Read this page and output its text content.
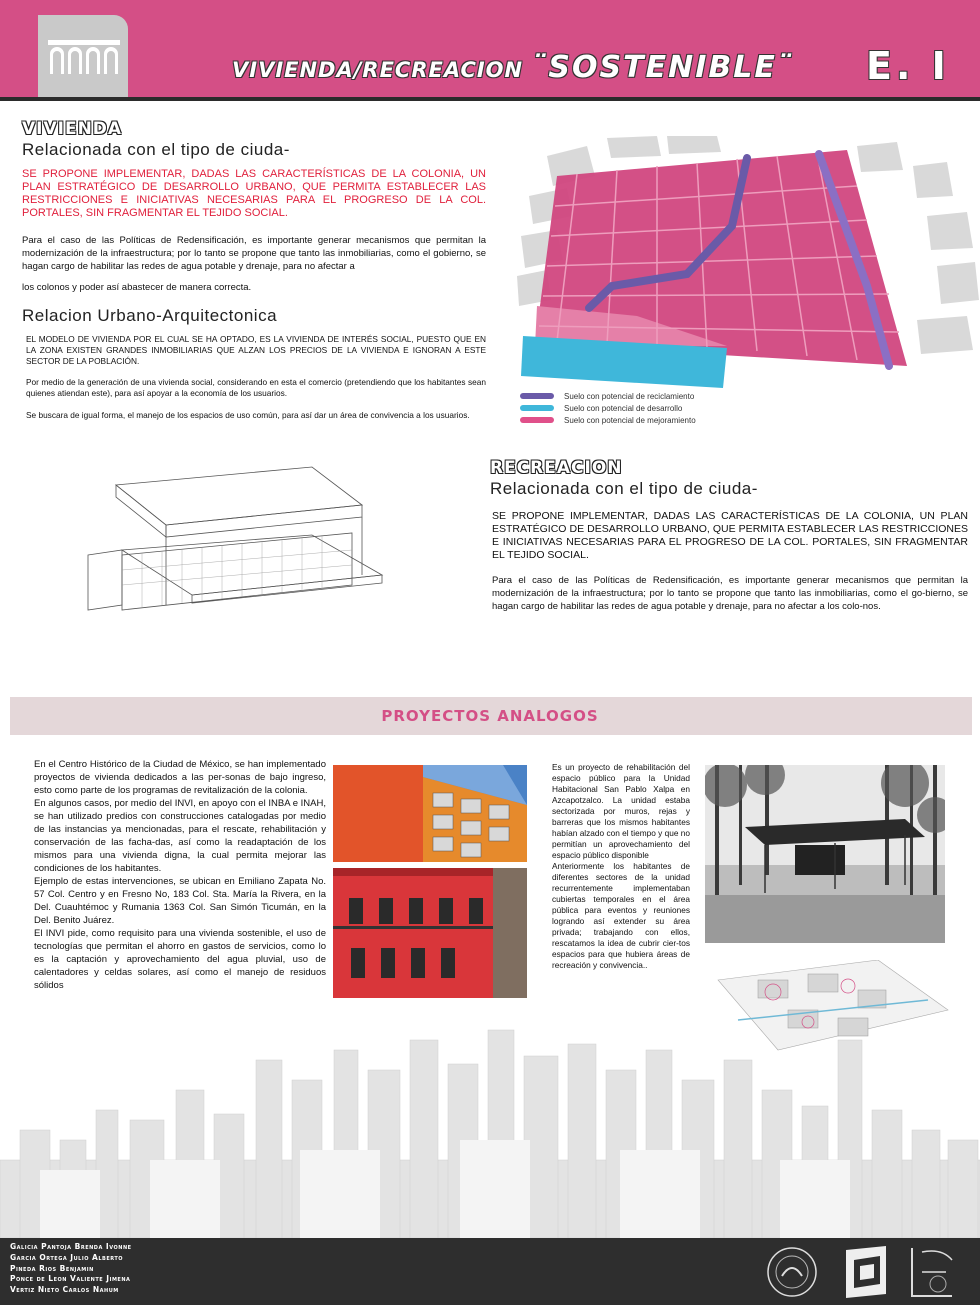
VIVIENDA/RECREACION ¨SOSTENIBLE¨ E. I
VIVIENDA
Relacionada con el tipo de ciuda-
SE PROPONE IMPLEMENTAR, DADAS LAS CARACTERÍSTICAS DE LA COLONIA, UN PLAN ESTRATÉGICO DE DESARROLLO URBANO, QUE PERMITA ESTABLECER LAS RESTRICCIONES E INICIATIVAS NECESARIAS PARA EL PROGRESO DE LA COL. PORTALES, SIN FRAGMENTAR EL TEJIDO SOCIAL.
Para el caso de las Políticas de Redensificación, es importante generar mecanismos que permitan la modernización de la infraestructura; por lo tanto se propone que tanto las inmobiliarias, como el gobierno, se hagan cargo de habilitar las redes de agua potable y drenaje, para no afectar a
los colonos y poder así abastecer de manera correcta.
Relacion Urbano-Arquitectonica
EL MODELO DE VIVIENDA POR EL CUAL SE HA OPTADO, ES LA VIVIENDA DE INTERÉS SOCIAL, PUESTO QUE EN LA ZONA EXISTEN GRANDES INMOBILIARIAS QUE ALZAN LOS PRECIOS DE LA VIVIENDA E IGNORAN A ESTE SECTOR DE LA POBLACIÓN.
Por medio de la generación de una vivienda social, considerando en esta el comercio (pretendiendo que los habitantes sean quienes atiendan este), para así apoyar a la economía de los usuarios.
Se buscara de igual forma, el manejo de los espacios de uso común, para así dar un área de convivencia a los usuarios.
Suelo con potencial de reciclamiento
Suelo con potencial de desarrollo
Suelo con potencial de mejoramiento
RECREACION
Relacionada con el tipo de ciuda-
SE PROPONE IMPLEMENTAR, DADAS LAS CARACTERÍSTICAS DE LA COLONIA, UN PLAN ESTRATÉGICO DE DESARROLLO URBANO, QUE PERMITA ESTABLECER LAS RESTRICCIONES E INICIATIVAS NECESARIAS PARA EL PROGRESO DE LA COL. PORTALES, SIN FRAGMENTAR EL TEJIDO SOCIAL.
Para el caso de las Políticas de Redensificación, es importante generar mecanismos que permitan la modernización de la infraestructura; por lo tanto se propone que tanto las inmobiliarias, como el go-bierno, se hagan cargo de habilitar las redes de agua potable y drenaje, para no afectar a los colo-nos.
PROYECTOS ANALOGOS
En el Centro Histórico de la Ciudad de México, se han implementado proyectos de vivienda dedicados a las per-sonas de bajo ingreso, esto como parte de los programas de revitalización de la colonia.
En algunos casos, por medio del INVI, en apoyo con el INBA e INAH, se han utilizado predios con construcciones catalogadas por medio de las instancias ya mencionadas, para el rescate, rehabilitación y conservación de las facha-das, así como la readaptación de los mismos para una vivienda digna, la cual permita mejorar las condiciones de los habitantes.
Ejemplo de estas intervenciones, se ubican en Emiliano Zapata No. 57 Col. Centro y en Fresno No, 183 Col. Sta. María la Rivera, en la Del. Cuauhtémoc y Rumania 1363 Col. San Simón Ticumán, en la Del. Benito Juárez.
El INVI pide, como requisito para una vivienda sostenible, el uso de tecnologías que permitan el ahorro en gastos de servicios, como lo es la captación y aprovechamiento del agua pluvial, uso de calentadores y celdas solares, así como el manejo de residuos sólidos
Es un proyecto de rehabilitación del espacio público para la Unidad Habitacional San Pablo Xalpa en Azcapotzalco. La unidad estaba sectorizada por muros, rejas y barreras que los mismos habitantes habían alzado con el tiempo y que no permitían un aprovechamiento del espacio público disponible
Anteriormente los habitantes de diferentes sectores de la unidad recurrentemente implementaban cubiertas temporales en el área pública para eventos y reuniones logrando así extender su área privada; trabajando con ellos, rescatamos la idea de cubrir cier-tos espacios para que hubiera áreas de recreación y convivencia..
Galicia Pantoja Brenda Ivonne
Garcia Ortega Julio Alberto
Pineda Rios Benjamin
Ponce de Leon Valiente Jimena
Vertiz Nieto Carlos Nahum
